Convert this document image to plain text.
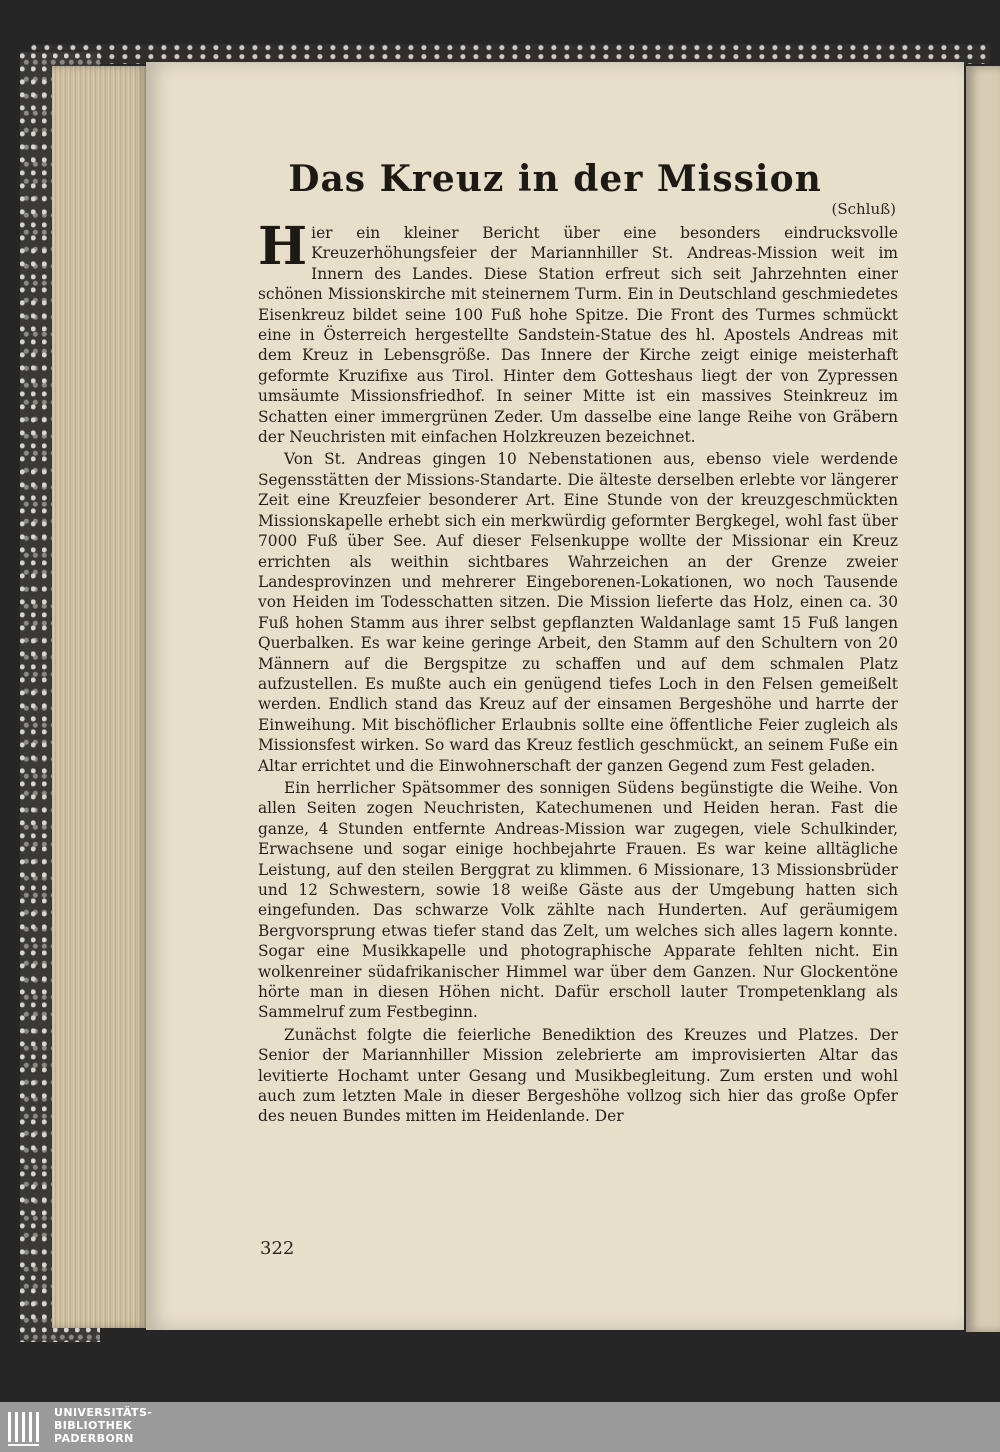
Das Kreuz in der Mission

(Schluß)

Hier ein kleiner Bericht über eine besonders eindrucksvolle Kreuzerhöhungsfeier der Mariannhiller St. Andreas-Mission weit im Innern des Landes. Diese Station erfreut sich seit Jahrzehnten einer schönen Missionskirche mit steinernem Turm. Ein in Deutschland geschmiedetes Eisenkreuz bildet seine 100 Fuß hohe Spitze. Die Front des Turmes schmückt eine in Österreich hergestellte Sandstein-Statue des hl. Apostels Andreas mit dem Kreuz in Lebensgröße. Das Innere der Kirche zeigt einige meisterhaft geformte Kruzifixe aus Tirol. Hinter dem Gotteshaus liegt der von Zypressen umsäumte Missionsfriedhof. In seiner Mitte ist ein massives Steinkreuz im Schatten einer immergrünen Zeder. Um dasselbe eine lange Reihe von Gräbern der Neuchristen mit einfachen Holzkreuzen bezeichnet.

Von St. Andreas gingen 10 Nebenstationen aus, ebenso viele werdende Segensstätten der Missions-Standarte. Die älteste derselben erlebte vor längerer Zeit eine Kreuzfeier besonderer Art. Eine Stunde von der kreuzgeschmückten Missionskapelle erhebt sich ein merkwürdig geformter Bergkegel, wohl fast über 7000 Fuß über See. Auf dieser Felsenkuppe wollte der Missionar ein Kreuz errichten als weithin sichtbares Wahrzeichen an der Grenze zweier Landesprovinzen und mehrerer Eingeborenen-Lokationen, wo noch Tausende von Heiden im Todesschatten sitzen. Die Mission lieferte das Holz, einen ca. 30 Fuß hohen Stamm aus ihrer selbst gepflanzten Waldanlage samt 15 Fuß langen Querbalken. Es war keine geringe Arbeit, den Stamm auf den Schultern von 20 Männern auf die Bergspitze zu schaffen und auf dem schmalen Platz aufzustellen. Es mußte auch ein genügend tiefes Loch in den Felsen gemeißelt werden. Endlich stand das Kreuz auf der einsamen Bergeshöhe und harrte der Einweihung. Mit bischöflicher Erlaubnis sollte eine öffentliche Feier zugleich als Missionsfest wirken. So ward das Kreuz festlich geschmückt, an seinem Fuße ein Altar errichtet und die Einwohnerschaft der ganzen Gegend zum Fest geladen.

Ein herrlicher Spätsommer des sonnigen Südens begünstigte die Weihe. Von allen Seiten zogen Neuchristen, Katechumenen und Heiden heran. Fast die ganze, 4 Stunden entfernte Andreas-Mission war zugegen, viele Schulkinder, Erwachsene und sogar einige hochbejahrte Frauen. Es war keine alltägliche Leistung, auf den steilen Berggrat zu klimmen. 6 Missionare, 13 Missionsbrüder und 12 Schwestern, sowie 18 weiße Gäste aus der Umgebung hatten sich eingefunden. Das schwarze Volk zählte nach Hunderten. Auf geräumigem Bergvorsprung etwas tiefer stand das Zelt, um welches sich alles lagern konnte. Sogar eine Musikkapelle und photographische Apparate fehlten nicht. Ein wolkenreiner südafrikanischer Himmel war über dem Ganzen. Nur Glockentöne hörte man in diesen Höhen nicht. Dafür erscholl lauter Trompetenklang als Sammelruf zum Festbeginn.

Zunächst folgte die feierliche Benediktion des Kreuzes und Platzes. Der Senior der Mariannhiller Mission zelebrierte am improvisierten Altar das levitierte Hochamt unter Gesang und Musikbegleitung. Zum ersten und wohl auch zum letzten Male in dieser Bergeshöhe vollzog sich hier das große Opfer des neuen Bundes mitten im Heidenlande. Der

322
UNIVERSITÄTS-
BIBLIOTHEK
PADERBORN
